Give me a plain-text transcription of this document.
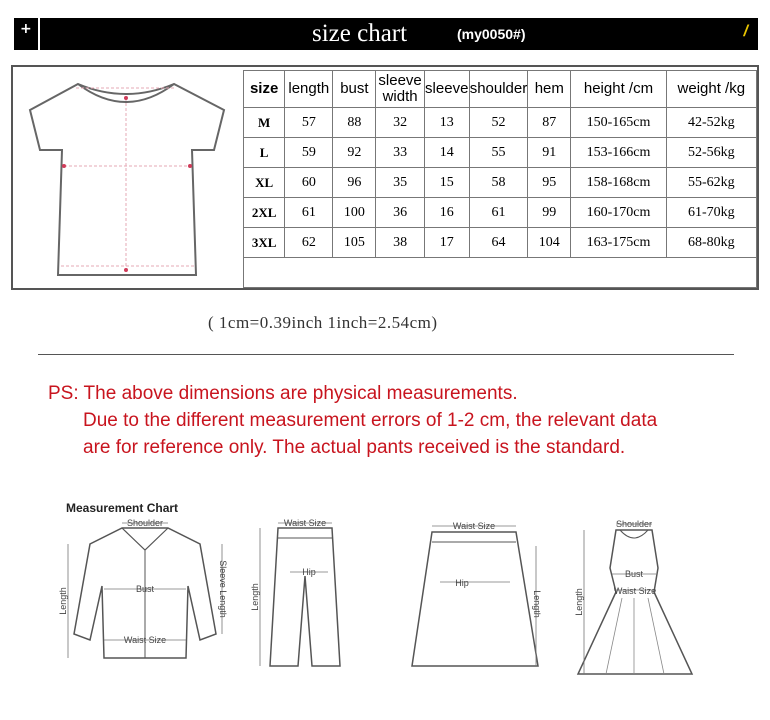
+	size chart	(my0050#)	/
size	length	bust	sleeve width	sleeve	shoulder	hem	height /cm	weight /kg
M	57	88	32	13	52	87	150-165cm	42-52kg
L	59	92	33	14	55	91	153-166cm	52-56kg
XL	60	96	35	15	58	95	158-168cm	55-62kg
2XL	61	100	36	16	61	99	160-170cm	61-70kg
3XL	62	105	38	17	64	104	163-175cm	68-80kg

( 1cm=0.39inch 1inch=2.54cm)
PS: The above dimensions are physical measurements.
Due to the different measurement errors of 1-2 cm, the relevant data
are for reference only. The actual pants received is the standard.
Measurement Chart
Shoulder
Bust
Waist Size
Length	Sleeve Length
Waist Size
Hip
Length
Waist Size
Hip
Length
Shoulder
Bust
Waist Size
Length
